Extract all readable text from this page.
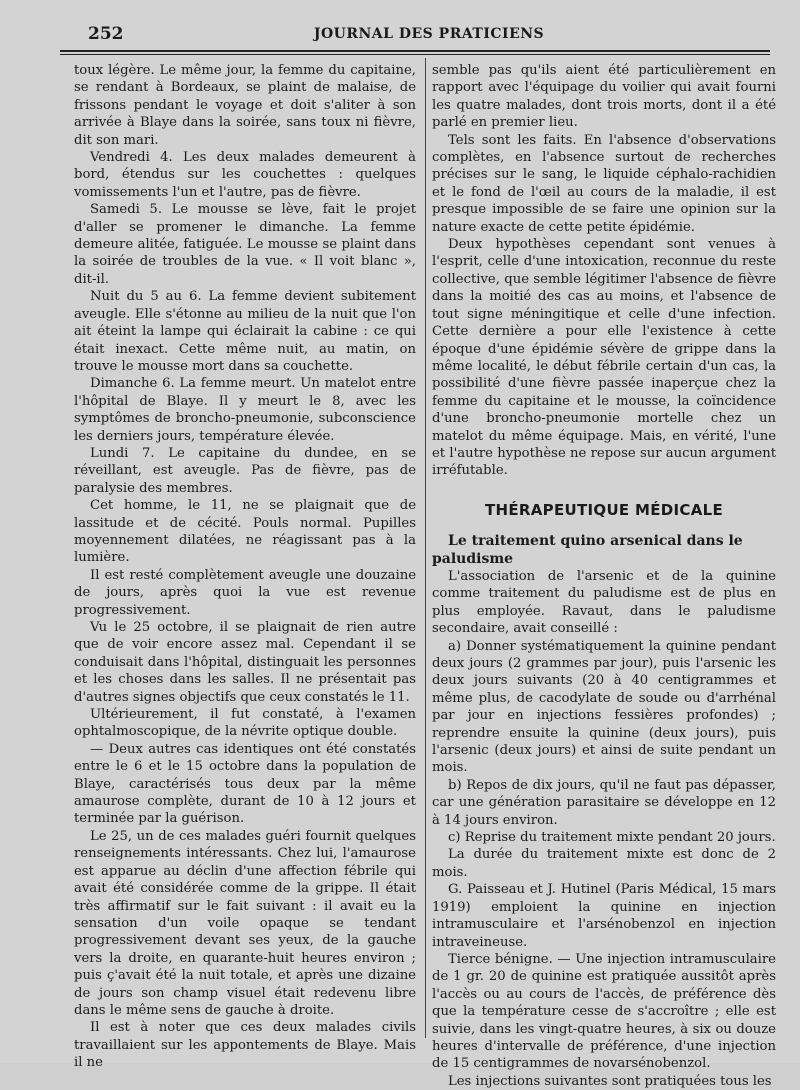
252	JOURNAL DES PRATICIENS

toux légère. Le même jour, la femme du capitaine, se rendant à Bordeaux, se plaint de malaise, de frissons pendant le voyage et doit s'aliter à son arrivée à Blaye dans la soirée, sans toux ni fièvre, dit son mari.

Vendredi 4. Les deux malades demeurent à bord, étendus sur les couchettes : quelques vomissements l'un et l'autre, pas de fièvre.

Samedi 5. Le mousse se lève, fait le projet d'aller se promener le dimanche. La femme demeure alitée, fatiguée. Le mousse se plaint dans la soirée de troubles de la vue. « Il voit blanc », dit-il.

Nuit du 5 au 6. La femme devient subitement aveugle. Elle s'étonne au milieu de la nuit que l'on ait éteint la lampe qui éclairait la cabine : ce qui était inexact. Cette même nuit, au matin, on trouve le mousse mort dans sa couchette.

Dimanche 6. La femme meurt. Un matelot entre l'hôpital de Blaye. Il y meurt le 8, avec les symptômes de broncho-pneumonie, subconscience les derniers jours, température élevée.

Lundi 7. Le capitaine du dundee, en se réveillant, est aveugle. Pas de fièvre, pas de paralysie des membres.

Cet homme, le 11, ne se plaignait que de lassitude et de cécité. Pouls normal. Pupilles moyennement dilatées, ne réagissant pas à la lumière.

Il est resté complètement aveugle une douzaine de jours, après quoi la vue est revenue progressivement.

Vu le 25 octobre, il se plaignait de rien autre que de voir encore assez mal. Cependant il se conduisait dans l'hôpital, distinguait les personnes et les choses dans les salles. Il ne présentait pas d'autres signes objectifs que ceux constatés le 11.

Ultérieurement, il fut constaté, à l'examen ophtalmoscopique, de la névrite optique double.

— Deux autres cas identiques ont été constatés entre le 6 et le 15 octobre dans la population de Blaye, caractérisés tous deux par la même amaurose complète, durant de 10 à 12 jours et terminée par la guérison.

Le 25, un de ces malades guéri fournit quelques renseignements intéressants. Chez lui, l'amaurose est apparue au déclin d'une affection fébrile qui avait été considérée comme de la grippe. Il était très affirmatif sur le fait suivant : il avait eu la sensation d'un voile opaque se tendant progressivement devant ses yeux, de la gauche vers la droite, en quarante-huit heures environ ; puis ç'avait été la nuit totale, et après une dizaine de jours son champ visuel était redevenu libre dans le même sens de gauche à droite.

Il est à noter que ces deux malades civils travaillaient sur les appontements de Blaye. Mais il ne

semble pas qu'ils aient été particulièrement en rapport avec l'équipage du voilier qui avait fourni les quatre malades, dont trois morts, dont il a été parlé en premier lieu.

Tels sont les faits. En l'absence d'observations complètes, en l'absence surtout de recherches précises sur le sang, le liquide céphalo-rachidien et le fond de l'œil au cours de la maladie, il est presque impossible de se faire une opinion sur la nature exacte de cette petite épidémie.

Deux hypothèses cependant sont venues à l'esprit, celle d'une intoxication, reconnue du reste collective, que semble légitimer l'absence de fièvre dans la moitié des cas au moins, et l'absence de tout signe méningitique et celle d'une infection. Cette dernière a pour elle l'existence à cette époque d'une épidémie sévère de grippe dans la même localité, le début fébrile certain d'un cas, la possibilité d'une fièvre passée inaperçue chez la femme du capitaine et le mousse, la coïncidence d'une broncho-pneumonie mortelle chez un matelot du même équipage. Mais, en vérité, l'une et l'autre hypothèse ne repose sur aucun argument irréfutable.

THÉRAPEUTIQUE MÉDICALE

Le traitement quino arsenical dans le paludisme

L'association de l'arsenic et de la quinine comme traitement du paludisme est de plus en plus employée. Ravaut, dans le paludisme secondaire, avait conseillé :

a) Donner systématiquement la quinine pendant deux jours (2 grammes par jour), puis l'arsenic les deux jours suivants (20 à 40 centigrammes et même plus, de cacodylate de soude ou d'arrhénal par jour en injections fessières profondes) ; reprendre ensuite la quinine (deux jours), puis l'arsenic (deux jours) et ainsi de suite pendant un mois.

b) Repos de dix jours, qu'il ne faut pas dépasser, car une génération parasitaire se développe en 12 à 14 jours environ.

c) Reprise du traitement mixte pendant 20 jours.

La durée du traitement mixte est donc de 2 mois.

G. Paisseau et J. Hutinel (Paris Médical, 15 mars 1919) emploient la quinine en injection intramusculaire et l'arsénobenzol en injection intraveineuse.

Tierce bénigne. — Une injection intramusculaire de 1 gr. 20 de quinine est pratiquée aussitôt après l'accès ou au cours de l'accès, de préférence dès que la température cesse de s'accroître ; elle est suivie, dans les vingt-quatre heures, à six ou douze heures d'intervalle de préférence, d'une injection de 15 centigrammes de novarsénobenzol.

Les injections suivantes sont pratiquées tous les
